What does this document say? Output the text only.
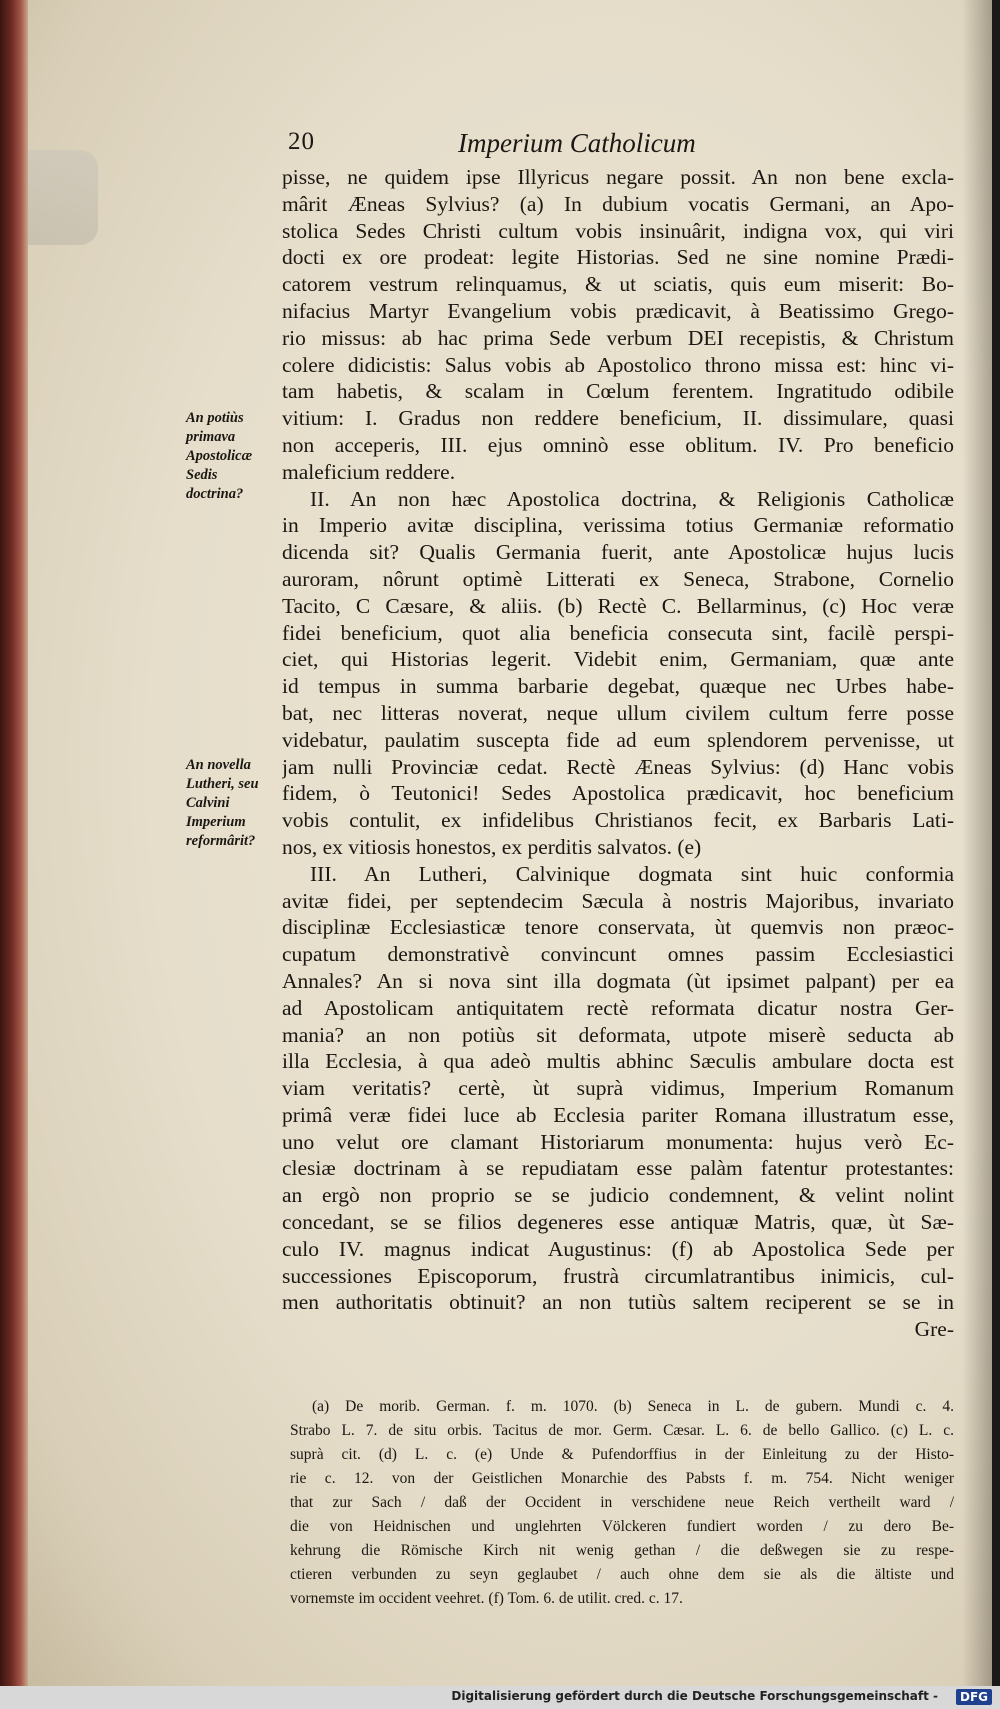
20	Imperium Catholicum
An potiùs primava Apostolicæ Sedis doctrina?
An novella Lutheri, seu Calvini Imperium reformârit?
pisse, ne quidem ipse Illyricus negare possit. An non bene excla-
mârit Æneas Sylvius? (a) In dubium vocatis Germani, an Apo-
stolica Sedes Christi cultum vobis insinuârit, indigna vox, qui viri
docti ex ore prodeat: legite Historias. Sed ne sine nomine Prædi-
catorem vestrum relinquamus, & ut sciatis, quis eum miserit: Bo-
nifacius Martyr Evangelium vobis prædicavit, à Beatissimo Grego-
rio missus: ab hac prima Sede verbum DEI recepistis, & Christum
colere didicistis: Salus vobis ab Apostolico throno missa est: hinc vi-
tam habetis, & scalam in Cœlum ferentem. Ingratitudo odibile
vitium: I. Gradus non reddere beneficium, II. dissimulare, quasi
non acceperis, III. ejus omninò esse oblitum. IV. Pro beneficio
maleficium reddere.
II. An non hæc Apostolica doctrina, & Religionis Catholicæ
in Imperio avitæ disciplina, verissima totius Germaniæ reformatio
dicenda sit? Qualis Germania fuerit, ante Apostolicæ hujus lucis
auroram, nôrunt optimè Litterati ex Seneca, Strabone, Cornelio
Tacito, C Cæsare, & aliis. (b) Rectè C. Bellarminus, (c) Hoc veræ
fidei beneficium, quot alia beneficia consecuta sint, facilè perspi-
ciet, qui Historias legerit. Videbit enim, Germaniam, quæ ante
id tempus in summa barbarie degebat, quæque nec Urbes habe-
bat, nec litteras noverat, neque ullum civilem cultum ferre posse
videbatur, paulatim suscepta fide ad eum splendorem pervenisse, ut
jam nulli Provinciæ cedat. Rectè Æneas Sylvius: (d) Hanc vobis
fidem, ò Teutonici! Sedes Apostolica prædicavit, hoc beneficium
vobis contulit, ex infidelibus Christianos fecit, ex Barbaris Lati-
nos, ex vitiosis honestos, ex perditis salvatos. (e)
III. An Lutheri, Calvinique dogmata sint huic conformia
avitæ fidei, per septendecim Sæcula à nostris Majoribus, invariato
disciplinæ Ecclesiasticæ tenore conservata, ùt quemvis non præoc-
cupatum demonstrativè convincunt omnes passim Ecclesiastici
Annales? An si nova sint illa dogmata (ùt ipsimet palpant) per ea
ad Apostolicam antiquitatem rectè reformata dicatur nostra Ger-
mania? an non potiùs sit deformata, utpote miserè seducta ab
illa Ecclesia, à qua adeò multis abhinc Sæculis ambulare docta est
viam veritatis? certè, ùt suprà vidimus, Imperium Romanum
primâ veræ fidei luce ab Ecclesia pariter Romana illustratum esse,
uno velut ore clamant Historiarum monumenta: hujus verò Ec-
clesiæ doctrinam à se repudiatam esse palàm fatentur protestantes:
an ergò non proprio se se judicio condemnent, & velint nolint
concedant, se se filios degeneres esse antiquæ Matris, quæ, ùt Sæ-
culo IV. magnus indicat Augustinus: (f) ab Apostolica Sede per
successiones Episcoporum, frustrà circumlatrantibus inimicis, cul-
men authoritatis obtinuit? an non tutiùs saltem reciperent se se in
Gre-
(a) De morib. German. f. m. 1070. (b) Seneca in L. de gubern. Mundi c. 4.
Strabo L. 7. de situ orbis. Tacitus de mor. Germ. Cæsar. L. 6. de bello Gallico. (c) L. c.
suprà cit. (d) L. c. (e) Unde & Pufendorffius in der Einleitung zu der Histo-
rie c. 12. von der Geistlichen Monarchie des Pabsts f. m. 754. Nicht weniger
that zur Sach / daß der Occident in verschidene neue Reich vertheilt ward /
die von Heidnischen und unglehrten Völckeren fundiert worden / zu dero Be-
kehrung die Römische Kirch nit wenig gethan / die deßwegen sie zu respe-
ctieren verbunden zu seyn geglaubet / auch ohne dem sie als die ältiste und
vornemste im occident veehret. (f) Tom. 6. de utilit. cred. c. 17.
Digitalisierung gefördert durch die Deutsche Forschungsgemeinschaft -	DFG
